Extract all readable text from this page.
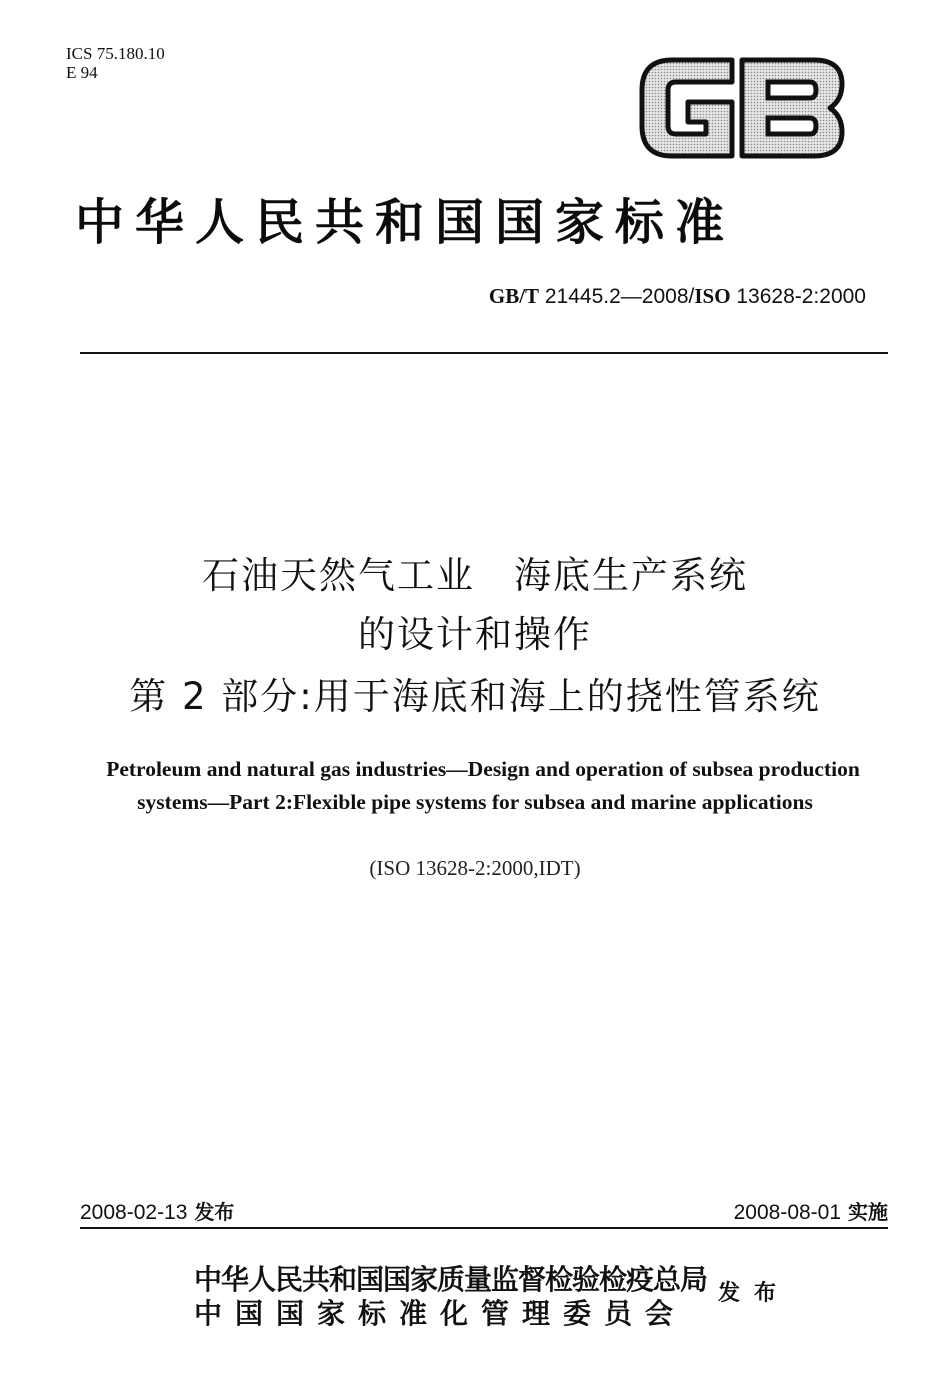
ICS 75.180.10
E 94
中华人民共和国国家标准
GB/T 21445.2—2008/ISO 13628-2:2000
石油天然气工业　海底生产系统
的设计和操作
第 2 部分:用于海底和海上的挠性管系统
Petroleum and natural gas industries—Design and operation of subsea production
systems—Part 2:Flexible pipe systems for subsea and marine applications
(ISO 13628-2:2000,IDT)
2008-02-13 发布	2008-08-01 实施
中华人民共和国国家质量监督检验检疫总局
中国国家标准化管理委员会
发布
